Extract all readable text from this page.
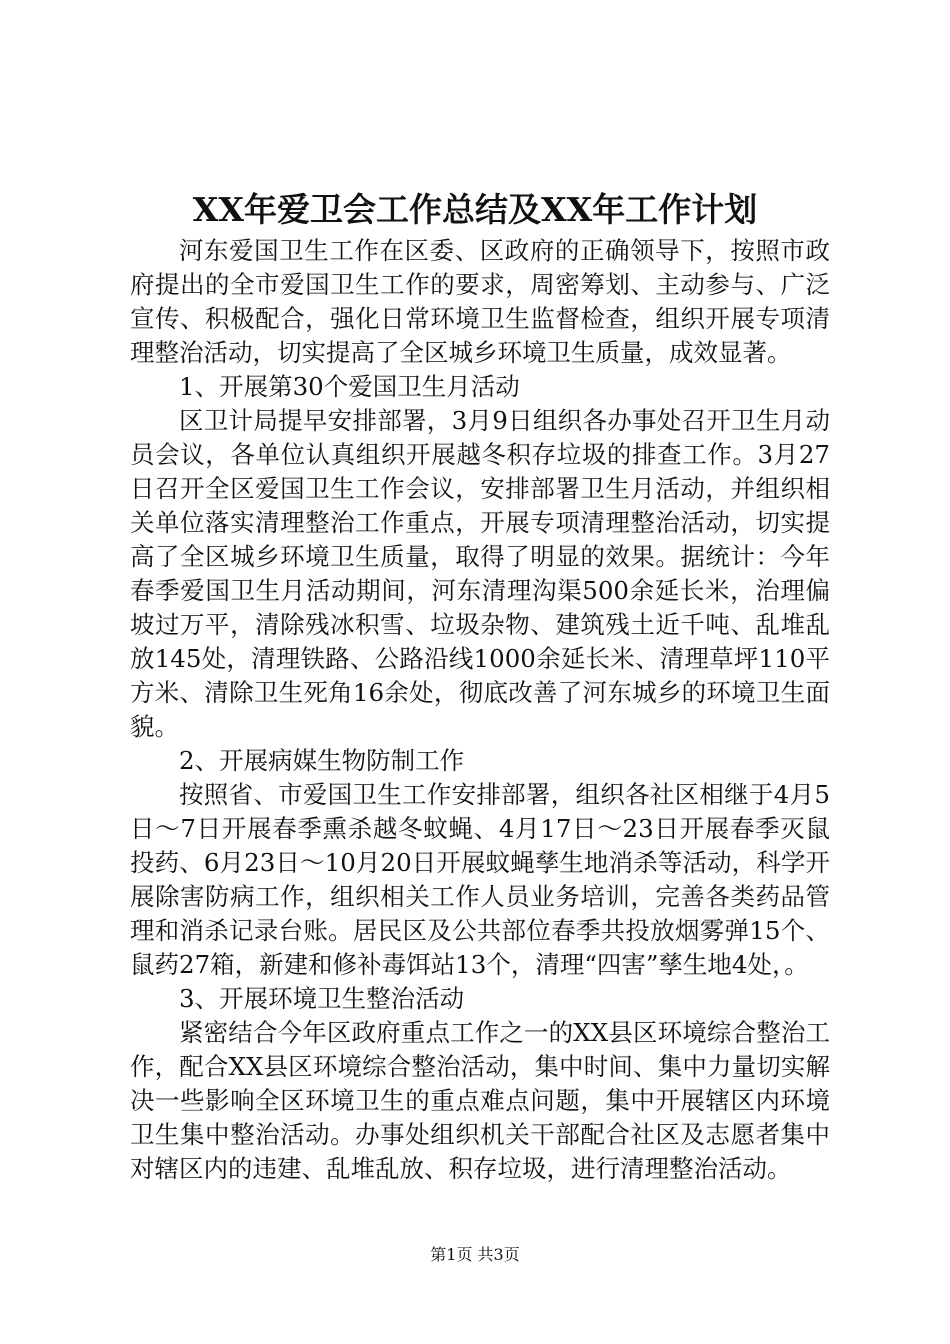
XX年爱卫会工作总结及XX年工作计划

河东爱国卫生工作在区委、区政府的正确领导下，按照市政府提出的全市爱国卫生工作的要求，周密筹划、主动参与、广泛宣传、积极配合，强化日常环境卫生监督检查，组织开展专项清理整治活动，切实提高了全区城乡环境卫生质量，成效显著。

1、开展第30个爱国卫生月活动

区卫计局提早安排部署，3月9日组织各办事处召开卫生月动员会议，各单位认真组织开展越冬积存垃圾的排查工作。3月27日召开全区爱国卫生工作会议，安排部署卫生月活动，并组织相关单位落实清理整治工作重点，开展专项清理整治活动，切实提高了全区城乡环境卫生质量，取得了明显的效果。据统计：今年春季爱国卫生月活动期间，河东清理沟渠500余延长米，治理偏坡过万平，清除残冰积雪、垃圾杂物、建筑残土近千吨、乱堆乱放145处，清理铁路、公路沿线1000余延长米、清理草坪110平方米、清除卫生死角16余处，彻底改善了河东城乡的环境卫生面貌。

2、开展病媒生物防制工作

按照省、市爱国卫生工作安排部署，组织各社区相继于4月5日～7日开展春季熏杀越冬蚊蝇、4月17日～23日开展春季灭鼠投药、6月23日～10月20日开展蚊蝇孳生地消杀等活动，科学开展除害防病工作，组织相关工作人员业务培训，完善各类药品管理和消杀记录台账。居民区及公共部位春季共投放烟雾弹15个、鼠药27箱，新建和修补毒饵站13个，清理“四害”孳生地4处，。

3、开展环境卫生整治活动

紧密结合今年区政府重点工作之一的XX县区环境综合整治工作，配合XX县区环境综合整治活动，集中时间、集中力量切实解决一些影响全区环境卫生的重点难点问题，集中开展辖区内环境卫生集中整治活动。办事处组织机关干部配合社区及志愿者集中对辖区内的违建、乱堆乱放、积存垃圾，进行清理整治活动。

第1页 共3页
